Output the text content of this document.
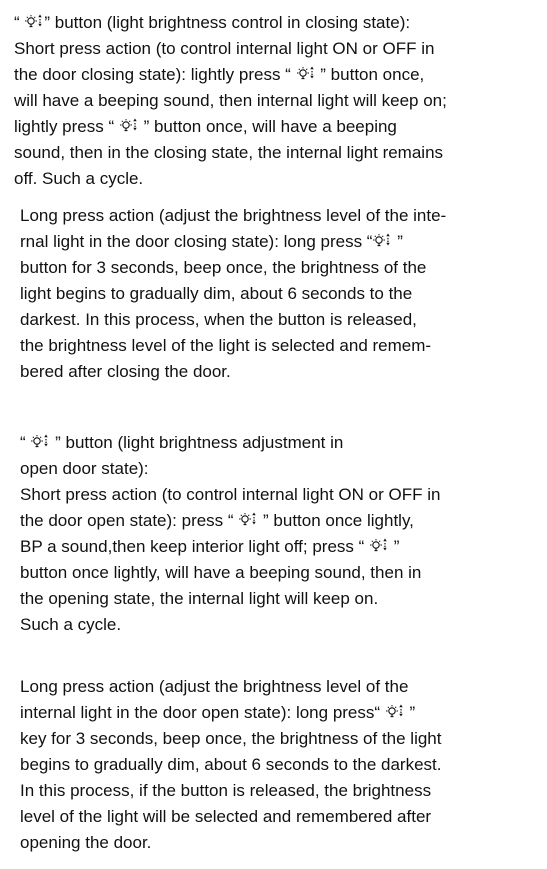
“
” button (light brightness control in closing state):
Short press action (to control internal light ON or OFF in
the door closing state): lightly press “
” button once,
will have a beeping sound, then internal light will keep on;
lightly press “
” button once, will have a beeping
sound, then in the closing state, the internal light remains
off. Such a cycle.
Long press action (adjust the brightness level of the inte-
rnal light in the door closing state): long press “
”
button for 3 seconds, beep once, the brightness of the
light begins to gradually dim, about 6 seconds to the
darkest. In this process, when the button is released,
the brightness level of the light is selected and remem-
bered after closing the door.
“
” button (light brightness adjustment in
open door state):
Short press action (to control internal light ON or OFF in
the door open state): press “
” button once lightly,
BP a sound,then keep interior light off; press “
”
button once lightly, will have a beeping sound, then in
the opening state, the internal light will keep on.
Such a cycle.
Long press action (adjust the brightness level of the
internal light in the door open state): long press“
”
key for 3 seconds, beep once, the brightness of the light
begins to gradually dim, about 6 seconds to the darkest.
In this process, if the button is released, the brightness
level of the light will be selected and remembered after
opening the door.
